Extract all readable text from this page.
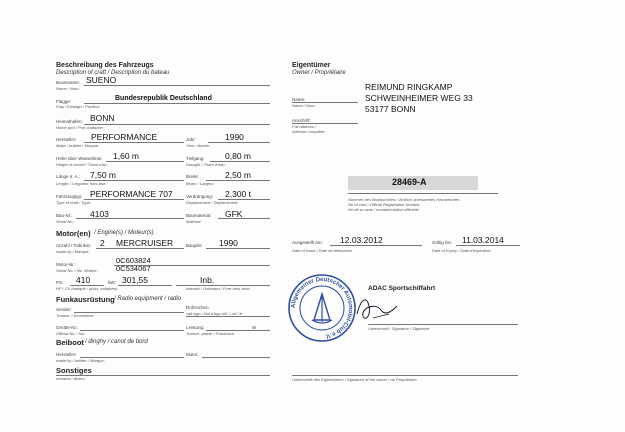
Beschreibung des Fahrzeugs
Description of craft / Description du bateau
Bootsname:
Name / Nom:
SUENO
Flagge:
Flag / Enseign / Pavillon:
Bundesrepublik Deutschland
Heimathafen:
Home port / Port d'attache:
BONN
Hersteller:
Make / builder / Marque:
PERFORMANCE	Jahr:
Year / Année:
1990
Höhe über Wasserlinie:
Height of vessel / Tirant d'air:
1,60 m	Tiefgang:
Draught / Tirant d'eau:
0,80 m
Länge ü. A.:
Length / Longueur hors-tout:
7,50 m	Breite:
Beam / Largeur:
2,50 m
Fahrzeugtyp:
Type of craft / Type:
PERFORMANCE 707	Verdrängung:
Displacement / Déplacement:
2,300 t
Bau-Nr.:
Serial No.:
4103	Baumaterial:
Material:
GFK
Motor(en) / Engine(s) / Moteur(s)
Anzahl / Fabrikat:
made by / Marque:
2 MERCRUISER	Baujahr: 1990
Motor-Nr.:
Serial No. / No. Moteur:
0C603824
0C534067
PS:
HP / CV (indiqué / puiss. indiquée):
410	kW: 301,55	Inb.
Inboard / Outboard / Fore-hors-bord
Funkausrüstung / Radio equipment / radio
Sender:
Transm. / Emmetteur:
Rufzeichen:
call sign / Nui d'app ahf. / nd / le
Geräte-Nr.:
Official No. / No.:
Leistung:
Transm. power / Puissance
W
Beiboot / dinghy / canot de bord
Hersteller:
made by / builder / Marque:
Motor:
Sonstiges
remarks / divers
Eigentümer
Owner / Propriétaire
REIMUND RINGKAMP
SCHWEINHEIMER WEG 33
53177 BONN
Name:
Name / Nom:
Anschrift:
Full address /
Adresse complète:
28469-A
Nummer des Bootsscheins / Amtlich anerkanntes Kennzeichen
No of card / Official Registration Number
No de la carte / immatriculation officielle
Ausgestellt am: 12.03.2012
Date of issue / Date de délivrance
Gültig bis: 11.03.2014
Date of Expiry / Date d'expiration:
Allgemeiner Deutscher Automobil-Club e.V.
ADAC Sportschiffahrt
Unterschrift / Signature / Signature
Unterschrift des Eigentümers / Signature of the owner / du Propriétaire
